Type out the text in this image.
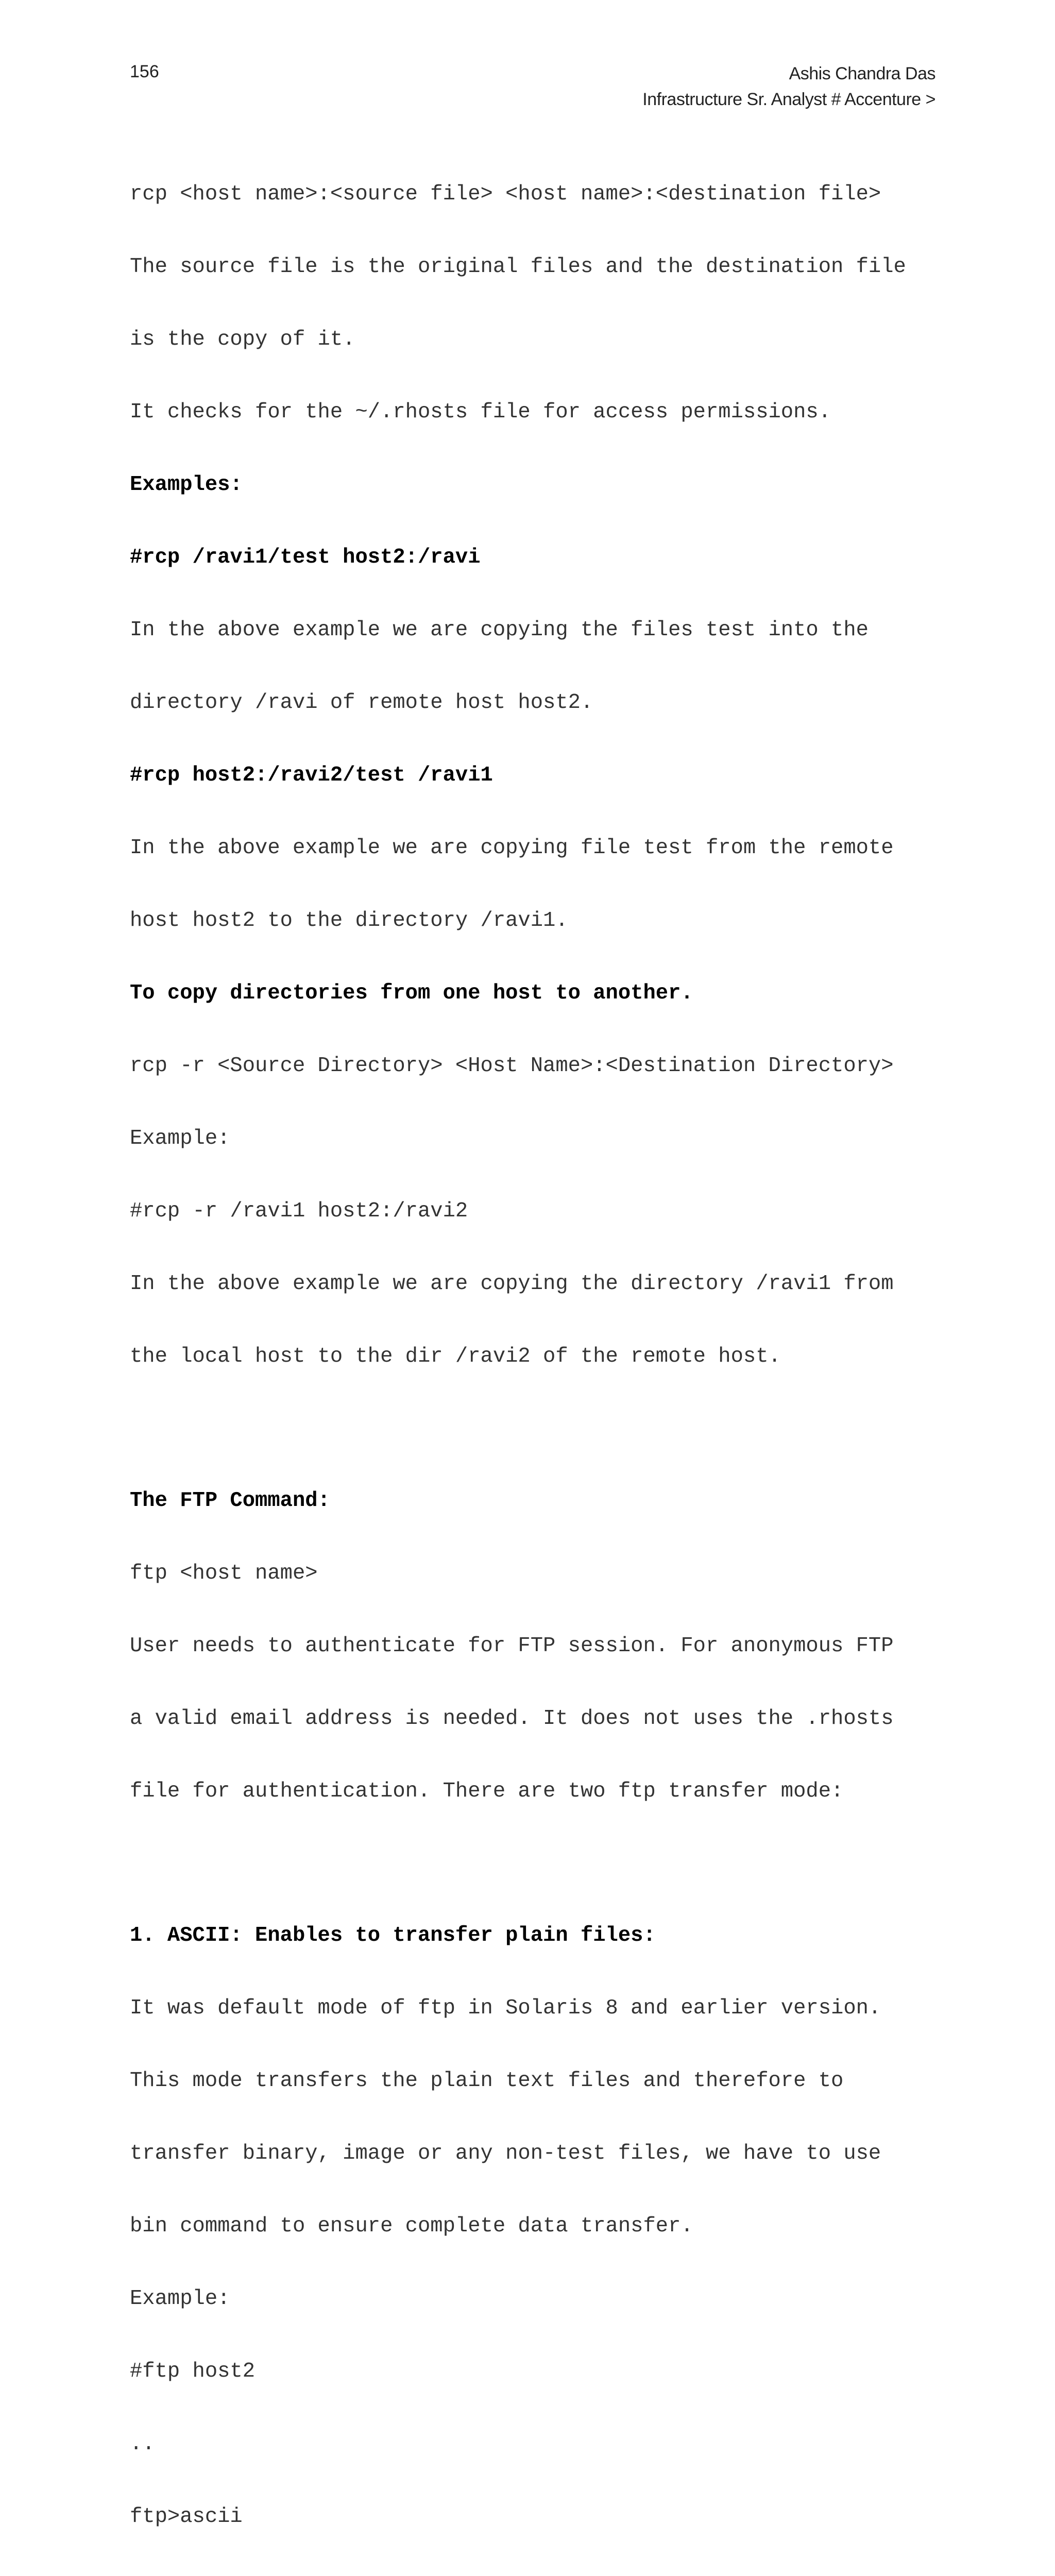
156	Ashis Chandra Das
Infrastructure Sr. Analyst # Accenture >

rcp <host name>:<source file> <host name>:<destination file>

The source file is the original files and the destination file

is the copy of it.

It checks for the ~/.rhosts file for access permissions.

Examples:

#rcp /ravi1/test host2:/ravi

In the above example we are copying the files test into the

directory /ravi of remote host host2.

#rcp host2:/ravi2/test /ravi1

In the above example we are copying file test from the remote

host host2 to the directory /ravi1.

To copy directories from one host to another.

rcp -r <Source Directory> <Host Name>:<Destination Directory>

Example:

#rcp -r /ravi1 host2:/ravi2

In the above example we are copying the directory /ravi1 from

the local host to the dir /ravi2 of the remote host.

The FTP Command:

ftp <host name>

User needs to authenticate for FTP session. For anonymous FTP

a valid email address is needed. It does not uses the .rhosts

file for authentication. There are two ftp transfer mode:

1. ASCII: Enables to transfer plain files:

It was default mode of ftp in Solaris 8 and earlier version.

This mode transfers the plain text files and therefore to

transfer binary, image or any non-test files, we have to use

bin command to ensure complete data transfer.

Example:

#ftp host2

..

ftp>ascii
